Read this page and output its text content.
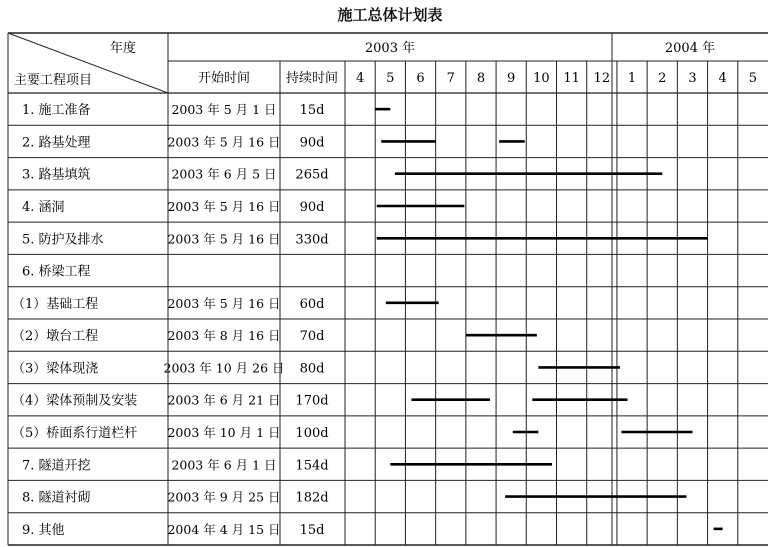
施工总体计划表
年度
主要工程项目	开始时间	持续时间
2003 年	2004 年
4 5 6 7 8 9 10 11 12 1 2 3 4 5
1. 施工准备	2003 年 5 月 1 日 15d
2. 路基处理	2003 年 5 月 16 日 90d
3. 路基填筑	2003 年 6 月 5 日 265d
4. 涵洞	2003 年 5 月 16 日 90d
5. 防护及排水	2003 年 5 月 16 日 330d
6. 桥梁工程
（1）基础工程	2003 年 5 月 16 日 60d
（2）墩台工程	2003 年 8 月 16 日 70d
（3）梁体现浇	2003 年 10 月 26 日 80d
（4）梁体预制及安装 2003 年 6 月 21 日 170d
（5）桥面系行道栏杆 2003 年 10 月 1 日 100d
7. 隧道开挖	2003 年 6 月 1 日 154d
8. 隧道衬砌	2003 年 9 月 25 日 182d
9. 其他	2004 年 4 月 15 日 15d
